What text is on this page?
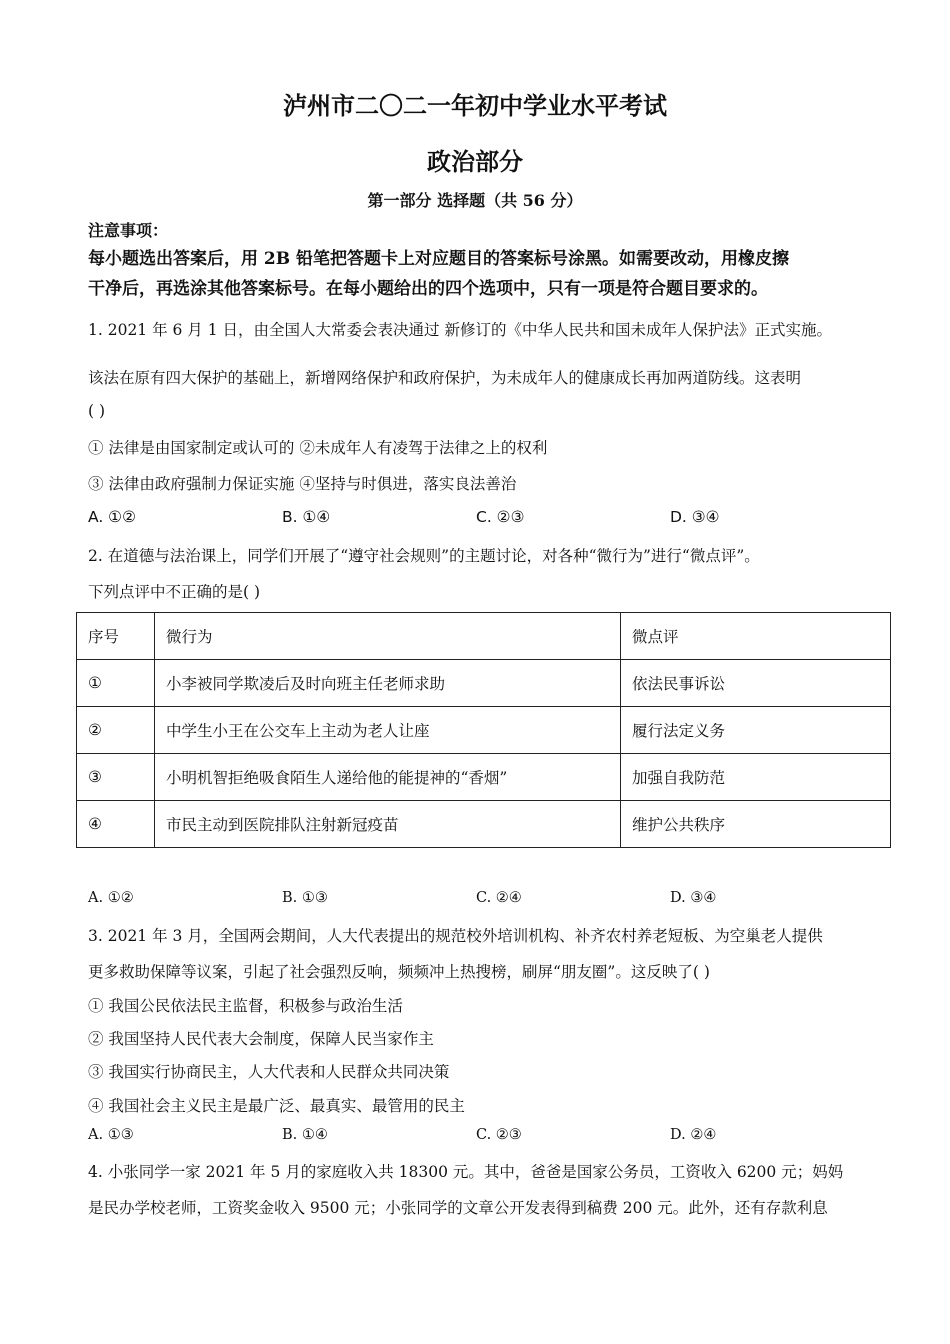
泸州市二〇二一年初中学业水平考试
政治部分
第一部分 选择题（共 56 分）
注意事项：
每小题选出答案后，用 2B 铅笔把答题卡上对应题目的答案标号涂黑。如需要改动，用橡皮擦
干净后，再选涂其他答案标号。在每小题给出的四个选项中，只有一项是符合题目要求的。
1. 2021 年 6 月 1 日，由全国人大常委会表决通过 新修订的《中华人民共和国未成年人保护法》正式实施。
该法在原有四大保护的基础上，新增网络保护和政府保护，为未成年人的健康成长再加两道防线。这表明
( )
① 法律是由国家制定或认可的 ②未成年人有凌驾于法律之上的权利
③ 法律由政府强制力保证实施 ④坚持与时俱进，落实良法善治
A. ①②	B. ①④	C. ②③	D. ③④
2. 在道德与法治课上，同学们开展了“遵守社会规则”的主题讨论，对各种“微行为”进行“微点评”。
下列点评中不正确的是( )
序号	微行为	微点评
①	小李被同学欺凌后及时向班主任老师求助	依法民事诉讼
②	中学生小王在公交车上主动为老人让座	履行法定义务
③	小明机智拒绝吸食陌生人递给他的能提神的“香烟”	加强自我防范
④	市民主动到医院排队注射新冠疫苗	维护公共秩序
A. ①②	B. ①③	C. ②④	D. ③④
3. 2021 年 3 月，全国两会期间，人大代表提出的规范校外培训机构、补齐农村养老短板、为空巢老人提供
更多救助保障等议案，引起了社会强烈反响，频频冲上热搜榜，刷屏“朋友圈”。这反映了( )
① 我国公民依法民主监督，积极参与政治生活
② 我国坚持人民代表大会制度，保障人民当家作主
③ 我国实行协商民主，人大代表和人民群众共同决策
④ 我国社会主义民主是最广泛、最真实、最管用的民主
A. ①③	B. ①④	C. ②③	D. ②④
4. 小张同学一家 2021 年 5 月的家庭收入共 18300 元。其中，爸爸是国家公务员，工资收入 6200 元；妈妈
是民办学校老师，工资奖金收入 9500 元；小张同学的文章公开发表得到稿费 200 元。此外，还有存款利息
